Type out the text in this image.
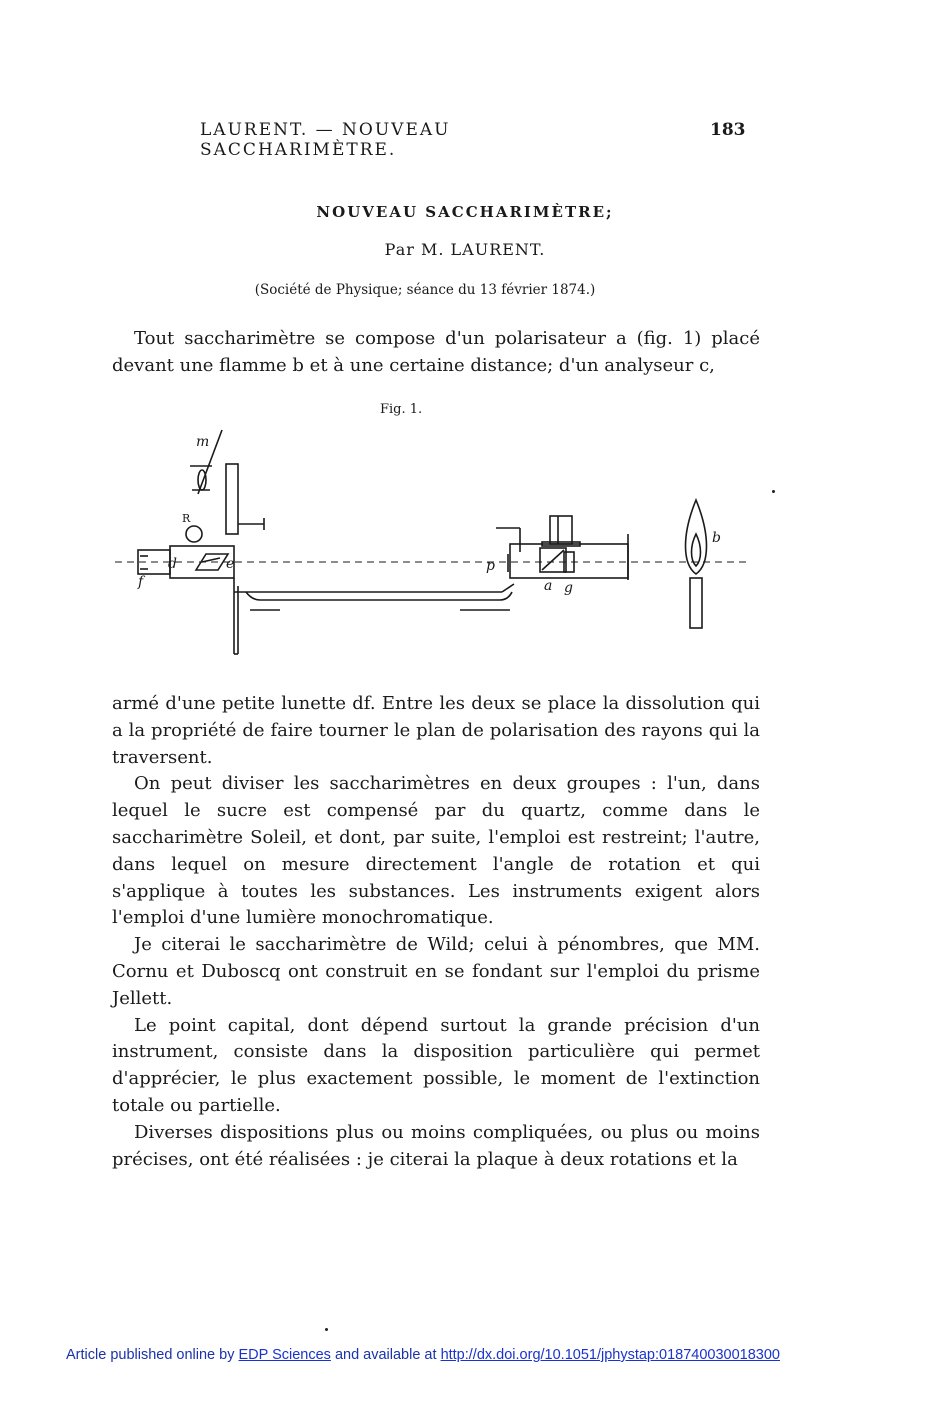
LAURENT. — NOUVEAU SACCHARIMÈTRE.
183
NOUVEAU SACCHARIMÈTRE;
Par M. LAURENT.
(Société de Physique; séance du 13 février 1874.)

Tout saccharimètre se compose d'un polarisateur a (fig. 1) placé devant une flamme b et à une certaine distance; d'un analyseur c,

Fig. 1.
m
R
d	e
f
p
a g
b

armé d'une petite lunette df. Entre les deux se place la dissolution qui a la propriété de faire tourner le plan de polarisation des rayons qui la traversent.

On peut diviser les saccharimètres en deux groupes : l'un, dans lequel le sucre est compensé par du quartz, comme dans le saccharimètre Soleil, et dont, par suite, l'emploi est restreint; l'autre, dans lequel on mesure directement l'angle de rotation et qui s'applique à toutes les substances. Les instruments exigent alors l'emploi d'une lumière monochromatique.

Je citerai le saccharimètre de Wild; celui à pénombres, que MM. Cornu et Duboscq ont construit en se fondant sur l'emploi du prisme Jellett.

Le point capital, dont dépend surtout la grande précision d'un instrument, consiste dans la disposition particulière qui permet d'apprécier, le plus exactement possible, le moment de l'extinction totale ou partielle.

Diverses dispositions plus ou moins compliquées, ou plus ou moins précises, ont été réalisées : je citerai la plaque à deux rotations et la

Article published online by EDP Sciences and available at http://dx.doi.org/10.1051/jphystap:018740030018300
